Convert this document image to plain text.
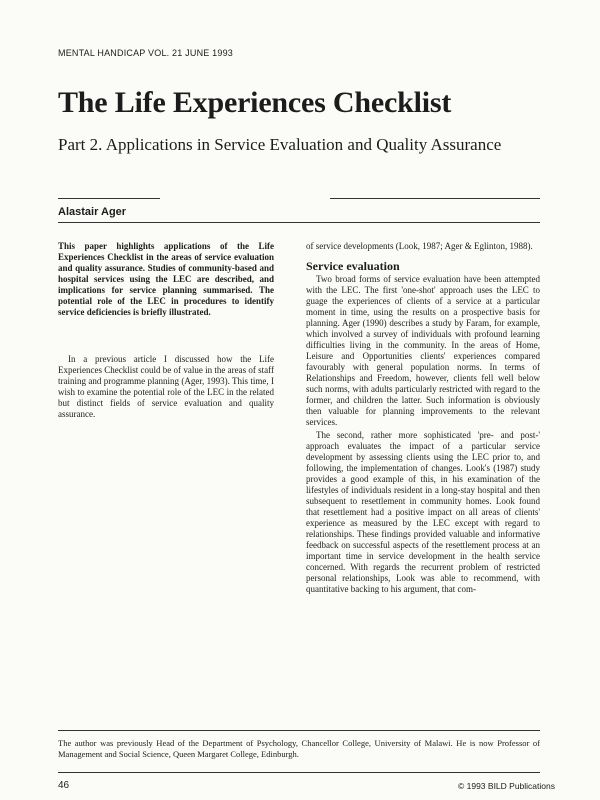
MENTAL HANDICAP VOL. 21 JUNE 1993
The Life Experiences Checklist
Part 2. Applications in Service Evaluation and Quality Assurance
Alastair Ager
This paper highlights applications of the Life Experiences Checklist in the areas of service evaluation and quality assurance. Studies of community-based and hospital services using the LEC are described, and implications for service planning summarised. The potential role of the LEC in procedures to identify service deficiencies is briefly illustrated.

In a previous article I discussed how the Life Experiences Checklist could be of value in the areas of staff training and programme planning (Ager, 1993). This time, I wish to examine the potential role of the LEC in the related but distinct fields of service evaluation and quality assurance.

of service developments (Look, 1987; Ager & Eglinton, 1988).

Service evaluation

Two broad forms of service evaluation have been attempted with the LEC. The first 'one-shot' approach uses the LEC to guage the experiences of clients of a service at a particular moment in time, using the results on a prospective basis for planning. Ager (1990) describes a study by Faram, for example, which involved a survey of individuals with profound learning difficulties living in the community. In the areas of Home, Leisure and Opportunities clients' experiences compared favourably with general population norms. In terms of Relationships and Freedom, however, clients fell well below such norms, with adults particularly restricted with regard to the former, and children the latter. Such information is obviously then valuable for planning improvements to the relevant services.

The second, rather more sophisticated 'pre- and post-' approach evaluates the impact of a particular service development by assessing clients using the LEC prior to, and following, the implementation of changes. Look's (1987) study provides a good example of this, in his examination of the lifestyles of individuals resident in a long-stay hospital and then subsequent to resettlement in community homes. Look found that resettlement had a positive impact on all areas of clients' experience as measured by the LEC except with regard to relationships. These findings provided valuable and informative feedback on successful aspects of the resettlement process at an important time in service development in the health service concerned. With regards the recurrent problem of restricted personal relationships, Look was able to recommend, with quantitative backing to his argument, that com-

The author was previously Head of the Department of Psychology, Chancellor College, University of Malawi. He is now Professor of Management and Social Science, Queen Margaret College, Edinburgh.
46	© 1993 BILD Publications
